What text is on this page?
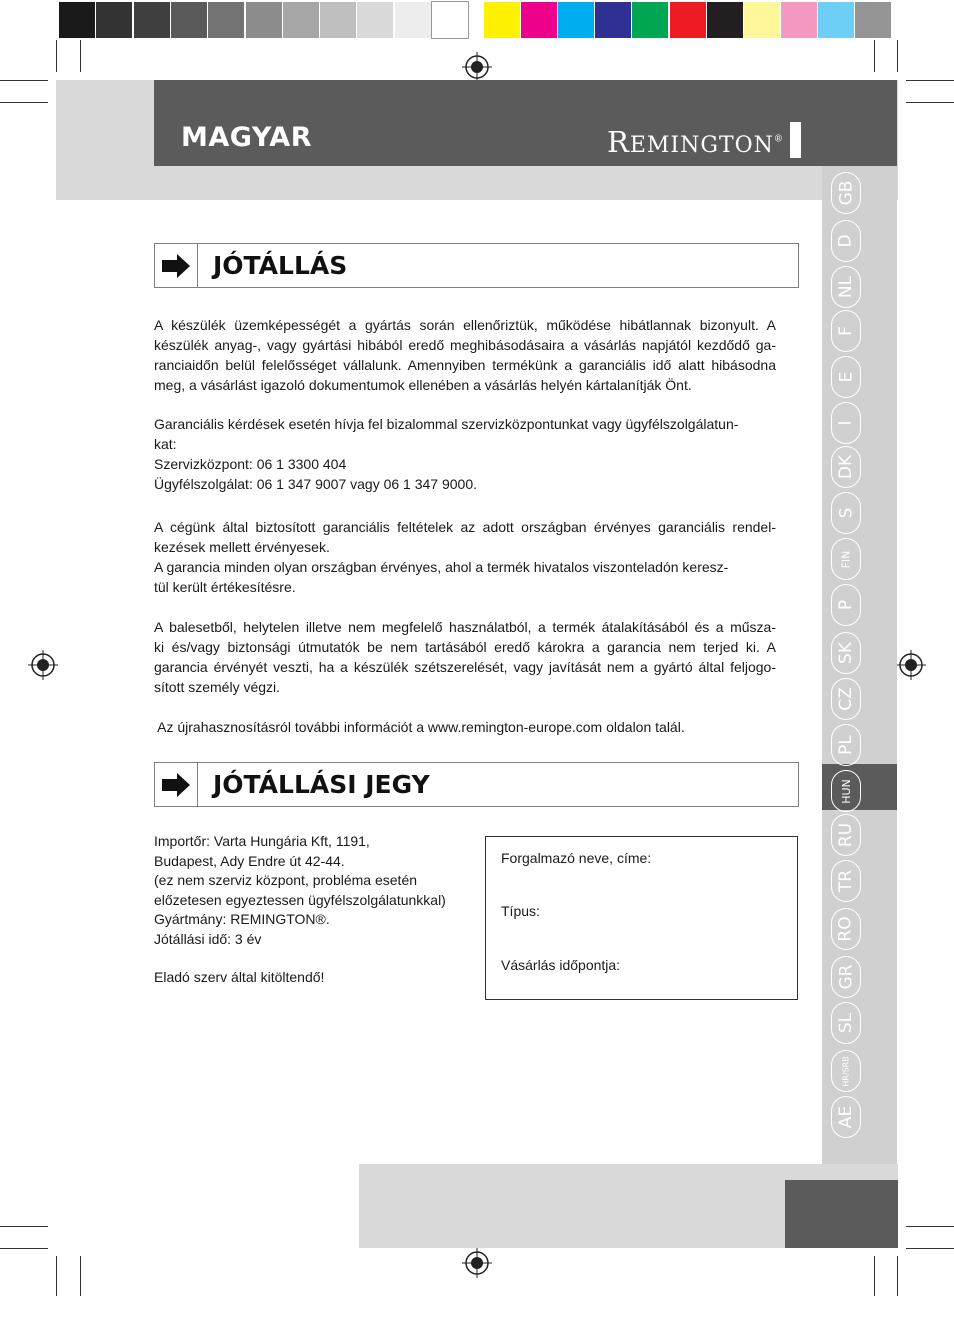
MAGYAR	REMINGTON®
GB
D
NL
F
E
I
DK
S
FIN
P
SK
CZ
PL
HUN
RU
TR
RO
GR
SL
HR/SRB
AE
JÓTÁLLÁS
A készülék üzemképességét a gyártás során ellenőriztük, működése hibátlannak bizonyult. A
készülék anyag-, vagy gyártási hibából eredő meghibásodásaira a vásárlás napjától kezdődő ga-
ranciaidőn belül felelősséget vállalunk. Amennyiben termékünk a garanciális idő alatt hibásodna
meg, a vásárlást igazoló dokumentumok ellenében a vásárlás helyén kártalanítják Önt.
Garanciális kérdések esetén hívja fel bizalommal szervizközpontunkat vagy ügyfélszolgálatun-
kat:
Szervizközpont: 06 1 3300 404
Ügyfélszolgálat: 06 1 347 9007 vagy 06 1 347 9000.
A cégünk által biztosított garanciális feltételek az adott országban érvényes garanciális rendel-
kezések mellett érvényesek.
A garancia minden olyan országban érvényes, ahol a termék hivatalos viszonteladón keresz-
tül került értékesítésre.
A balesetből, helytelen illetve nem megfelelő használatból, a termék átalakításából és a műsza-
ki és/vagy biztonsági útmutatók be nem tartásából eredő károkra a garancia nem terjed ki. A
garancia érvényét veszti, ha a készülék szétszerelését, vagy javítását nem a gyártó által feljogo-
sított személy végzi.
Az újrahasznosításról további információt a www.remington-europe.com oldalon talál.
JÓTÁLLÁSI JEGY
Importőr: Varta Hungária Kft, 1191,
Budapest, Ady Endre út 42-44.
(ez nem szerviz központ, probléma esetén
előzetesen egyeztessen ügyfélszolgálatunkkal)
Gyártmány: REMINGTON®.
Jótállási idő: 3 év
Eladó szerv által kitöltendő!
Forgalmazó neve, címe:
Típus:
Vásárlás időpontja:
